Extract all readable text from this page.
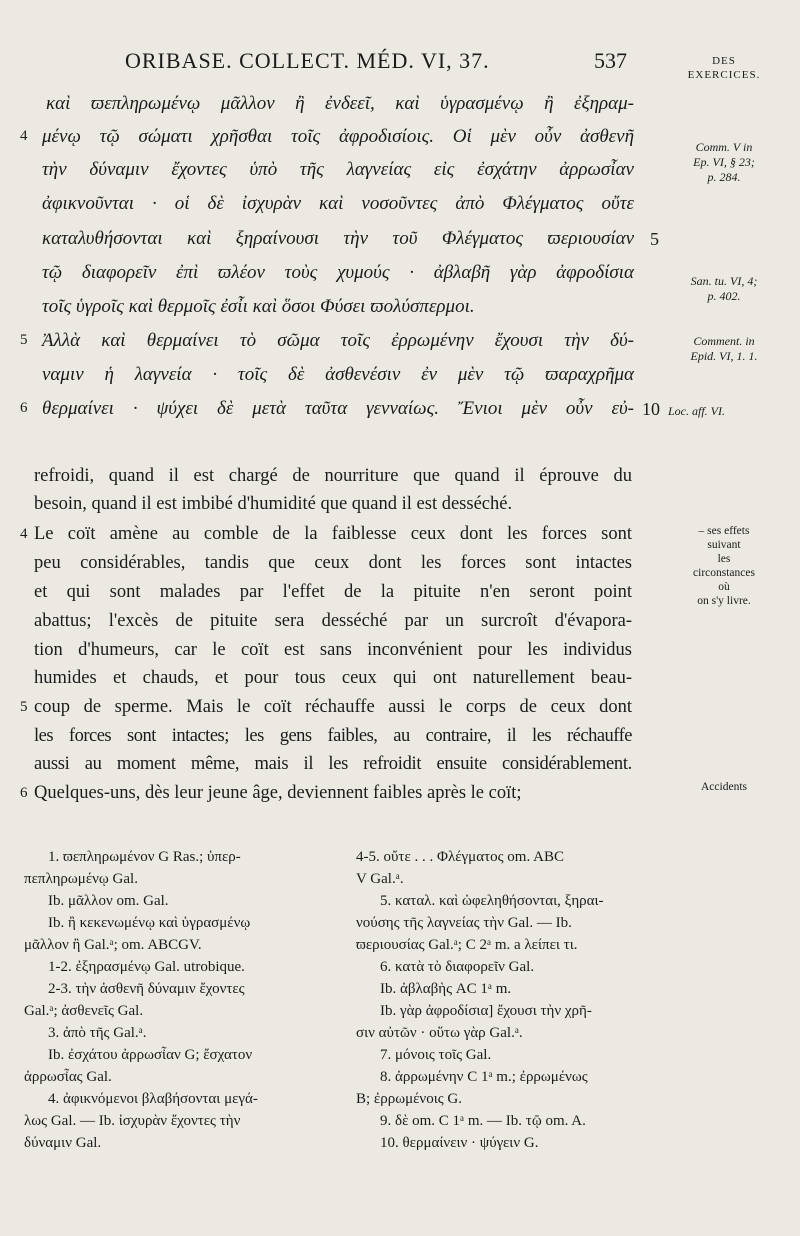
ORIBASE. COLLECT. MÉD. VI, 37.	537	DES
EXERCICES.
καὶ ϖεπληρωμένῳ μᾶλλον ἢ ἐνδεεῖ, καὶ ὑγρασμένῳ ἢ ἐξηραμ-
μένῳ τῷ σώματι χρῆσθαι τοῖς ἀφροδισίοις. Οἱ μὲν οὖν ἀσθενῆ
τὴν δύναμιν ἔχοντες ὑπὸ τῆς λαγνείας εἰς ἐσχάτην ἀρρωσἶαν
ἀφικνοῦνται · οἱ δὲ ἰσχυρὰν καὶ νοσοῦντες ἀπὸ Φλέγματος οὔτε
καταλυθήσονται καὶ ξηραίνουσι τὴν τοῦ Φλέγματος ϖεριουσίαν
τῷ διαφορεῖν ἐπὶ ϖλέον τοὺς χυμούς · ἀβλαβῆ γὰρ ἀφροδίσια
τοῖς ὑγροῖς καὶ θερμοῖς ἐσἶι καὶ ὅσοι Φύσει ϖολύσπερμοι.
Ἀλλὰ καὶ θερμαίνει τὸ σῶμα τοῖς ἐρρωμένην ἔχουσι τὴν δύ-
ναμιν ἡ λαγνεία · τοῖς δὲ ἀσθενέσιν ἐν μὲν τῷ ϖαραχρῆμα
θερμαίνει · ψύχει δὲ μετὰ ταῦτα γενναίως. Ἔνιοι μὲν οὖν εὐ-
4
5
6
5
10
Comm. V in
Ep. VI, § 23;
p. 284.
San. tu. VI, 4;
p. 402.
Comment. in
Epid. VI, 1. 1.
Loc. aff. VI.
refroidi, quand il est chargé de nourriture que quand il éprouve du
besoin, quand il est imbibé d'humidité que quand il est desséché.
Le coït amène au comble de la faiblesse ceux dont les forces sont
peu considérables, tandis que ceux dont les forces sont intactes
et qui sont malades par l'effet de la pituite n'en seront point
abattus; l'excès de pituite sera desséché par un surcroît d'évapora-
tion d'humeurs, car le coït est sans inconvénient pour les individus
humides et chauds, et pour tous ceux qui ont naturellement beau-
coup de sperme. Mais le coït réchauffe aussi le corps de ceux dont
les forces sont intactes; les gens faibles, au contraire, il les réchauffe
aussi au moment même, mais il les refroidit ensuite considérablement.
Quelques-uns, dès leur jeune âge, deviennent faibles après le coït;
4
5
6
– ses effets
suivant
les
circonstances
où
on s'y livre.
Accidents

1. ϖεπληρωμένον G Ras.; ὑπερ-

πεπληρωμένῳ Gal.

Ib. μᾶλλον om. Gal.

Ib. ἢ κεκενωμένῳ καὶ ὑγρασμένῳ

μᾶλλον ἢ Gal.ᵃ; om. ABCGV.

1-2. ἐξηρασμένῳ Gal. utrobique.

2-3. τὴν ἀσθενῆ δύναμιν ἔχοντες

Gal.ᵃ; ἀσθενεῖς Gal.

3. ἀπὸ τῆς Gal.ᵃ.

Ib. ἐσχάτου ἀρρωσἶαν G; ἔσχατον

ἀρρωσἶας Gal.

4. ἀφικνόμενοι βλαβήσονται μεγά-

λως Gal. — Ib. ἰσχυρὰν ἔχοντες τὴν

δύναμιν Gal.

4-5. οὔτε . . . Φλέγματος om. ABC

V Gal.ᵃ.

5. καταλ. καὶ ὠφεληθήσονται, ξηραι-

νούσης τῆς λαγνείας τὴν Gal. — Ib.

ϖεριουσίας Gal.ᵃ; C 2ᵃ m. a λείπει τι.

6. κατὰ τὸ διαφορεῖν Gal.

Ib. ἀβλαβὴς AC 1ᵃ m.

Ib. γὰρ ἀφροδίσια] ἔχουσι τὴν χρῆ-

σιν αὐτῶν · οὕτω γὰρ Gal.ᵃ.

7. μόνοις τοῖς Gal.

8. ἀρρωμένην C 1ᵃ m.; ἐρρωμένως

B; ἐρρωμένοις G.

9. δὲ om. C 1ᵃ m. — Ib. τῷ om. A.

10. θερμαίνειν · ψύγειν G.
